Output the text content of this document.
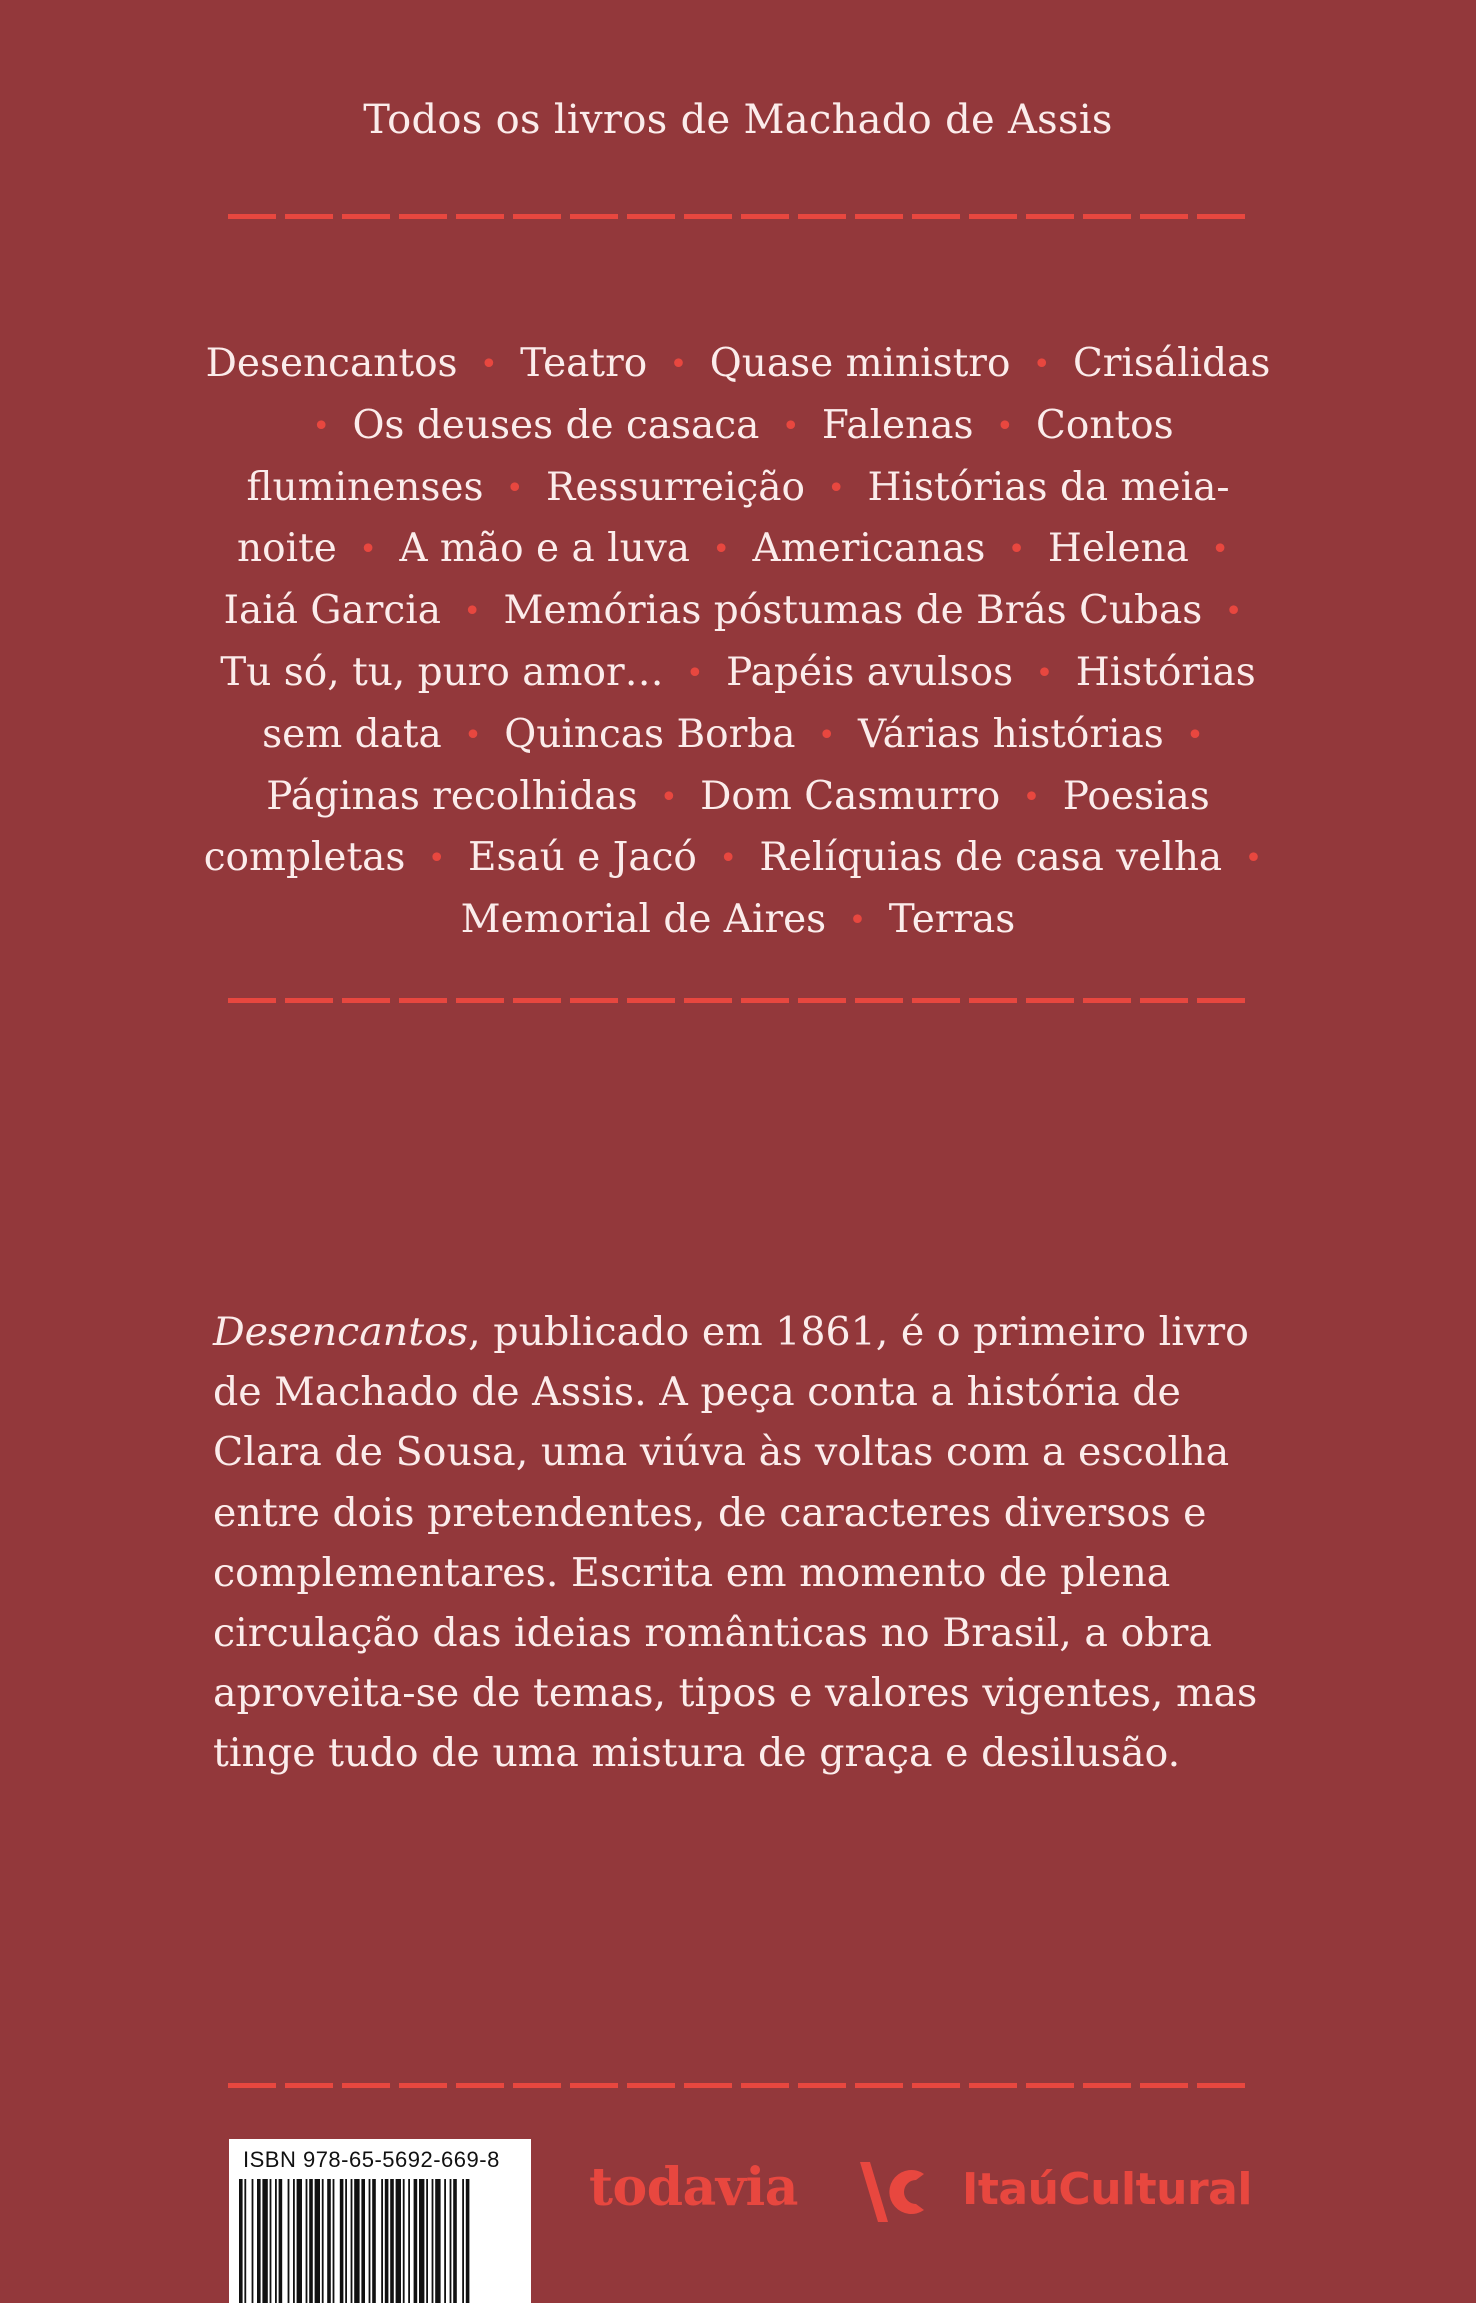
Todos os livros de Machado de Assis
Desencantos • Teatro • Quase ministro • Crisálidas • Os deuses de casaca • Falenas • Contos fluminenses • Ressurreição • Histórias da meia-noite • A mão e a luva • Americanas • Helena • Iaiá Garcia • Memórias póstumas de Brás Cubas • Tu só, tu, puro amor… • Papéis avulsos • Histórias sem data • Quincas Borba • Várias histórias • Páginas recolhidas • Dom Casmurro • Poesias completas • Esaú e Jacó • Relíquias de casa velha • Memorial de Aires • Terras

Desencantos, publicado em 1861, é o primeiro livro de Machado de Assis. A peça conta a história de Clara de Sousa, uma viúva às voltas com a escolha entre dois pretendentes, de caracteres diversos e complementares. Escrita em momento de plena circulação das ideias românticas no Brasil, a obra aproveita-se de temas, tipos e valores vigentes, mas tinge tudo de uma mistura de graça e desilusão.

ISBN 978-65-5692-669-8 todavia	ItaúCultural
